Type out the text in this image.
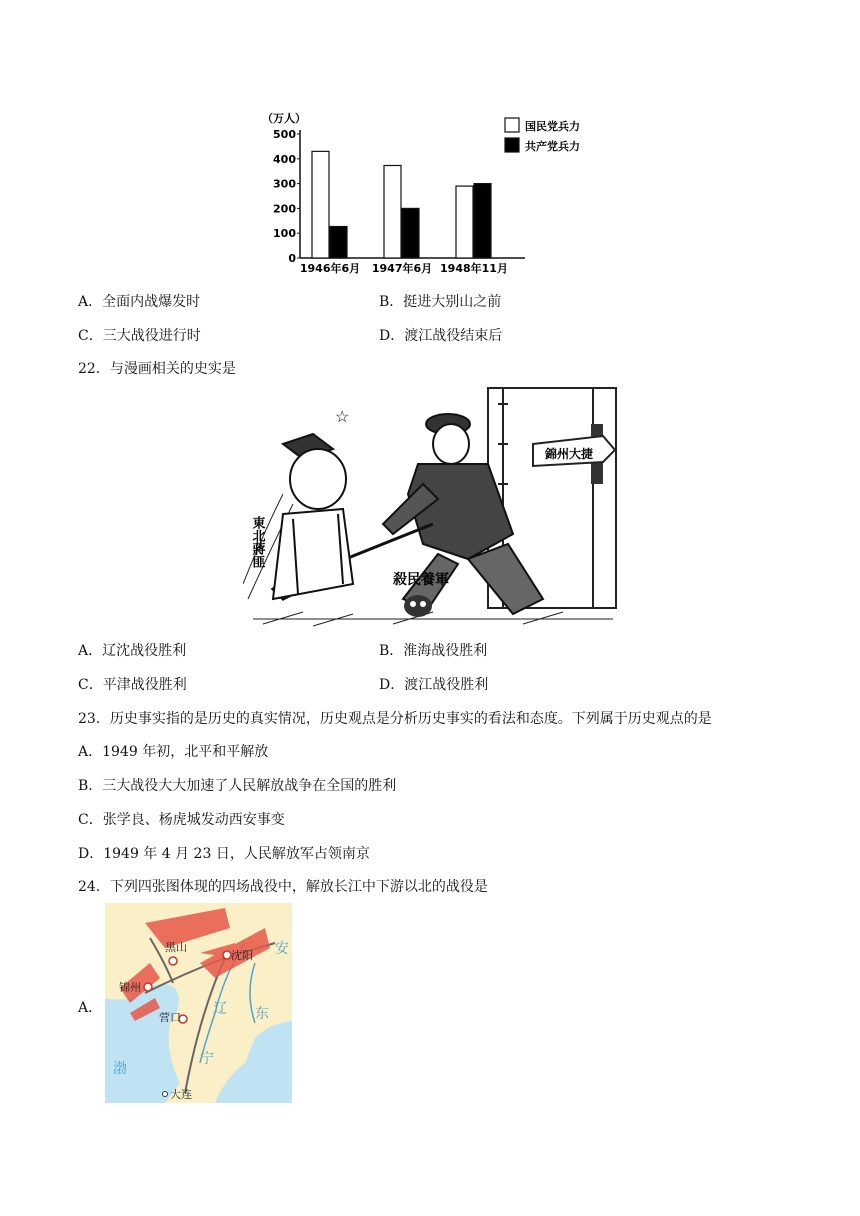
（万人）
500
400
300
200
100
0
1946年6月 1947年6月 1948年11月
国民党兵力
共产党兵力
A．全面内战爆发时	B．挺进大别山之前
C．三大战役进行时	D．渡江战役结束后
22．与漫画相关的史实是
錦州大捷
東北蔣匪
☆
殺民養軍
A．辽沈战役胜利	B．淮海战役胜利
C．平津战役胜利	D．渡江战役胜利
23．历史事实指的是历史的真实情况，历史观点是分析历史事实的看法和态度。下列属于历史观点的是
A．1949 年初，北平和平解放
B．三大战役大大加速了人民解放战争在全国的胜利
C．张学良、杨虎城发动西安事变
D．1949 年 4 月 23 日，人民解放军占领南京
24．下列四张图体现的四场战役中，解放长江中下游以北的战役是
A．
黑山
沈阳
锦州
营口
大连
安
辽 东
宁
渤
